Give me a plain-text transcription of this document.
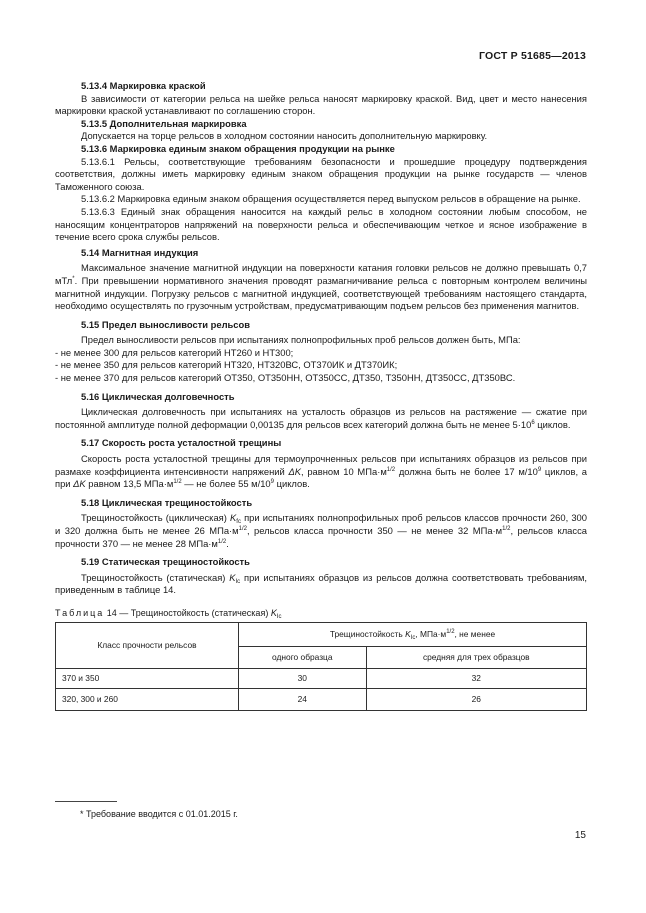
ГОСТ Р 51685—2013

5.13.4 Маркировка краской

В зависимости от категории рельса на шейке рельса наносят маркировку краской. Вид, цвет и место нанесения маркировки краской устанавливают по соглашению сторон.

5.13.5 Дополнительная маркировка

Допускается на торце рельсов в холодном состоянии наносить дополнительную маркировку.

5.13.6 Маркировка единым знаком обращения продукции на рынке

5.13.6.1 Рельсы, соответствующие требованиям безопасности и прошедшие процедуру подтверждения соответствия, должны иметь маркировку единым знаком обращения продукции на рынке государств — членов Таможенного союза.

5.13.6.2 Маркировка единым знаком обращения осуществляется перед выпуском рельсов в обращение на рынке.

5.13.6.3 Единый знак обращения наносится на каждый рельс в холодном состоянии любым способом, не наносящим концентраторов напряжений на поверхности рельса и обеспечивающим четкое и ясное изображение в течение всего срока службы рельсов.

5.14 Магнитная индукция

Максимальное значение магнитной индукции на поверхности катания головки рельсов не должно превышать 0,7 мТл*. При превышении нормативного значения проводят размагничивание рельса с повторным контролем величины магнитной индукции. Погрузку рельсов с магнитной индукцией, соответствующей требованиям настоящего стандарта, необходимо осуществлять по грузочным устройствам, предусматривающим подъем рельсов без применения магнитов.

5.15 Предел выносливости рельсов

Предел выносливости рельсов при испытаниях полнопрофильных проб рельсов должен быть, МПа:

- не менее 300 для рельсов категорий НТ260 и НТ300;

- не менее 350 для рельсов категорий НТ320, НТ320ВС, ОТ370ИК и ДТ370ИК;

- не менее 370 для рельсов категорий ОТ350, ОТ350НН, ОТ350СС, ДТ350, Т350НН, ДТ350СС, ДТ350ВС.

5.16 Циклическая долговечность

Циклическая долговечность при испытаниях на усталость образцов из рельсов на растяжение — сжатие при постоянной амплитуде полной деформации 0,00135 для рельсов всех категорий должна быть не менее $5\cdot 10^6$ циклов.

5.17 Скорость роста усталостной трещины

Скорость роста усталостной трещины для термоупрочненных рельсов при испытаниях образцов из рельсов при размахе коэффициента интенсивности напряжений ΔK, равном 10 $МПа\cdot м^{1/2}$ должна быть не более 17 $м/10^9$ циклов, а при ΔK равном 13,5 $МПа\cdot м^{1/2}$ — не более 55 $м/10^9$ циклов.

5.18 Циклическая трещиностойкость

Трещиностойкость (циклическая) $K_{fc}$ при испытаниях полнопрофильных проб рельсов классов прочности 260, 300 и 320 должна быть не менее 26 $МПа\cdot м^{1/2}$, рельсов класса прочности 350 — не менее 32 $МПа\cdot м^{1/2}$, рельсов класса прочности 370 — не менее 28 $МПа\cdot м^{1/2}$.

5.19 Статическая трещиностойкость

Трещиностойкость (статическая) $K_{Ic}$ при испытаниях образцов из рельсов должна соответствовать требованиям, приведенным в таблице 14.

Таблица 14 — Трещиностойкость (статическая) $K_{Ic}$
Класс прочности рельсов	Трещиностойкость $K_{Ic}$, $МПа\cdot м^{1/2}$, не менее	
	одного образца	средняя для трех образцов
370 и 350	30	32
320, 300 и 260	24	26
* Требование вводится с 01.01.2015 г.
15
